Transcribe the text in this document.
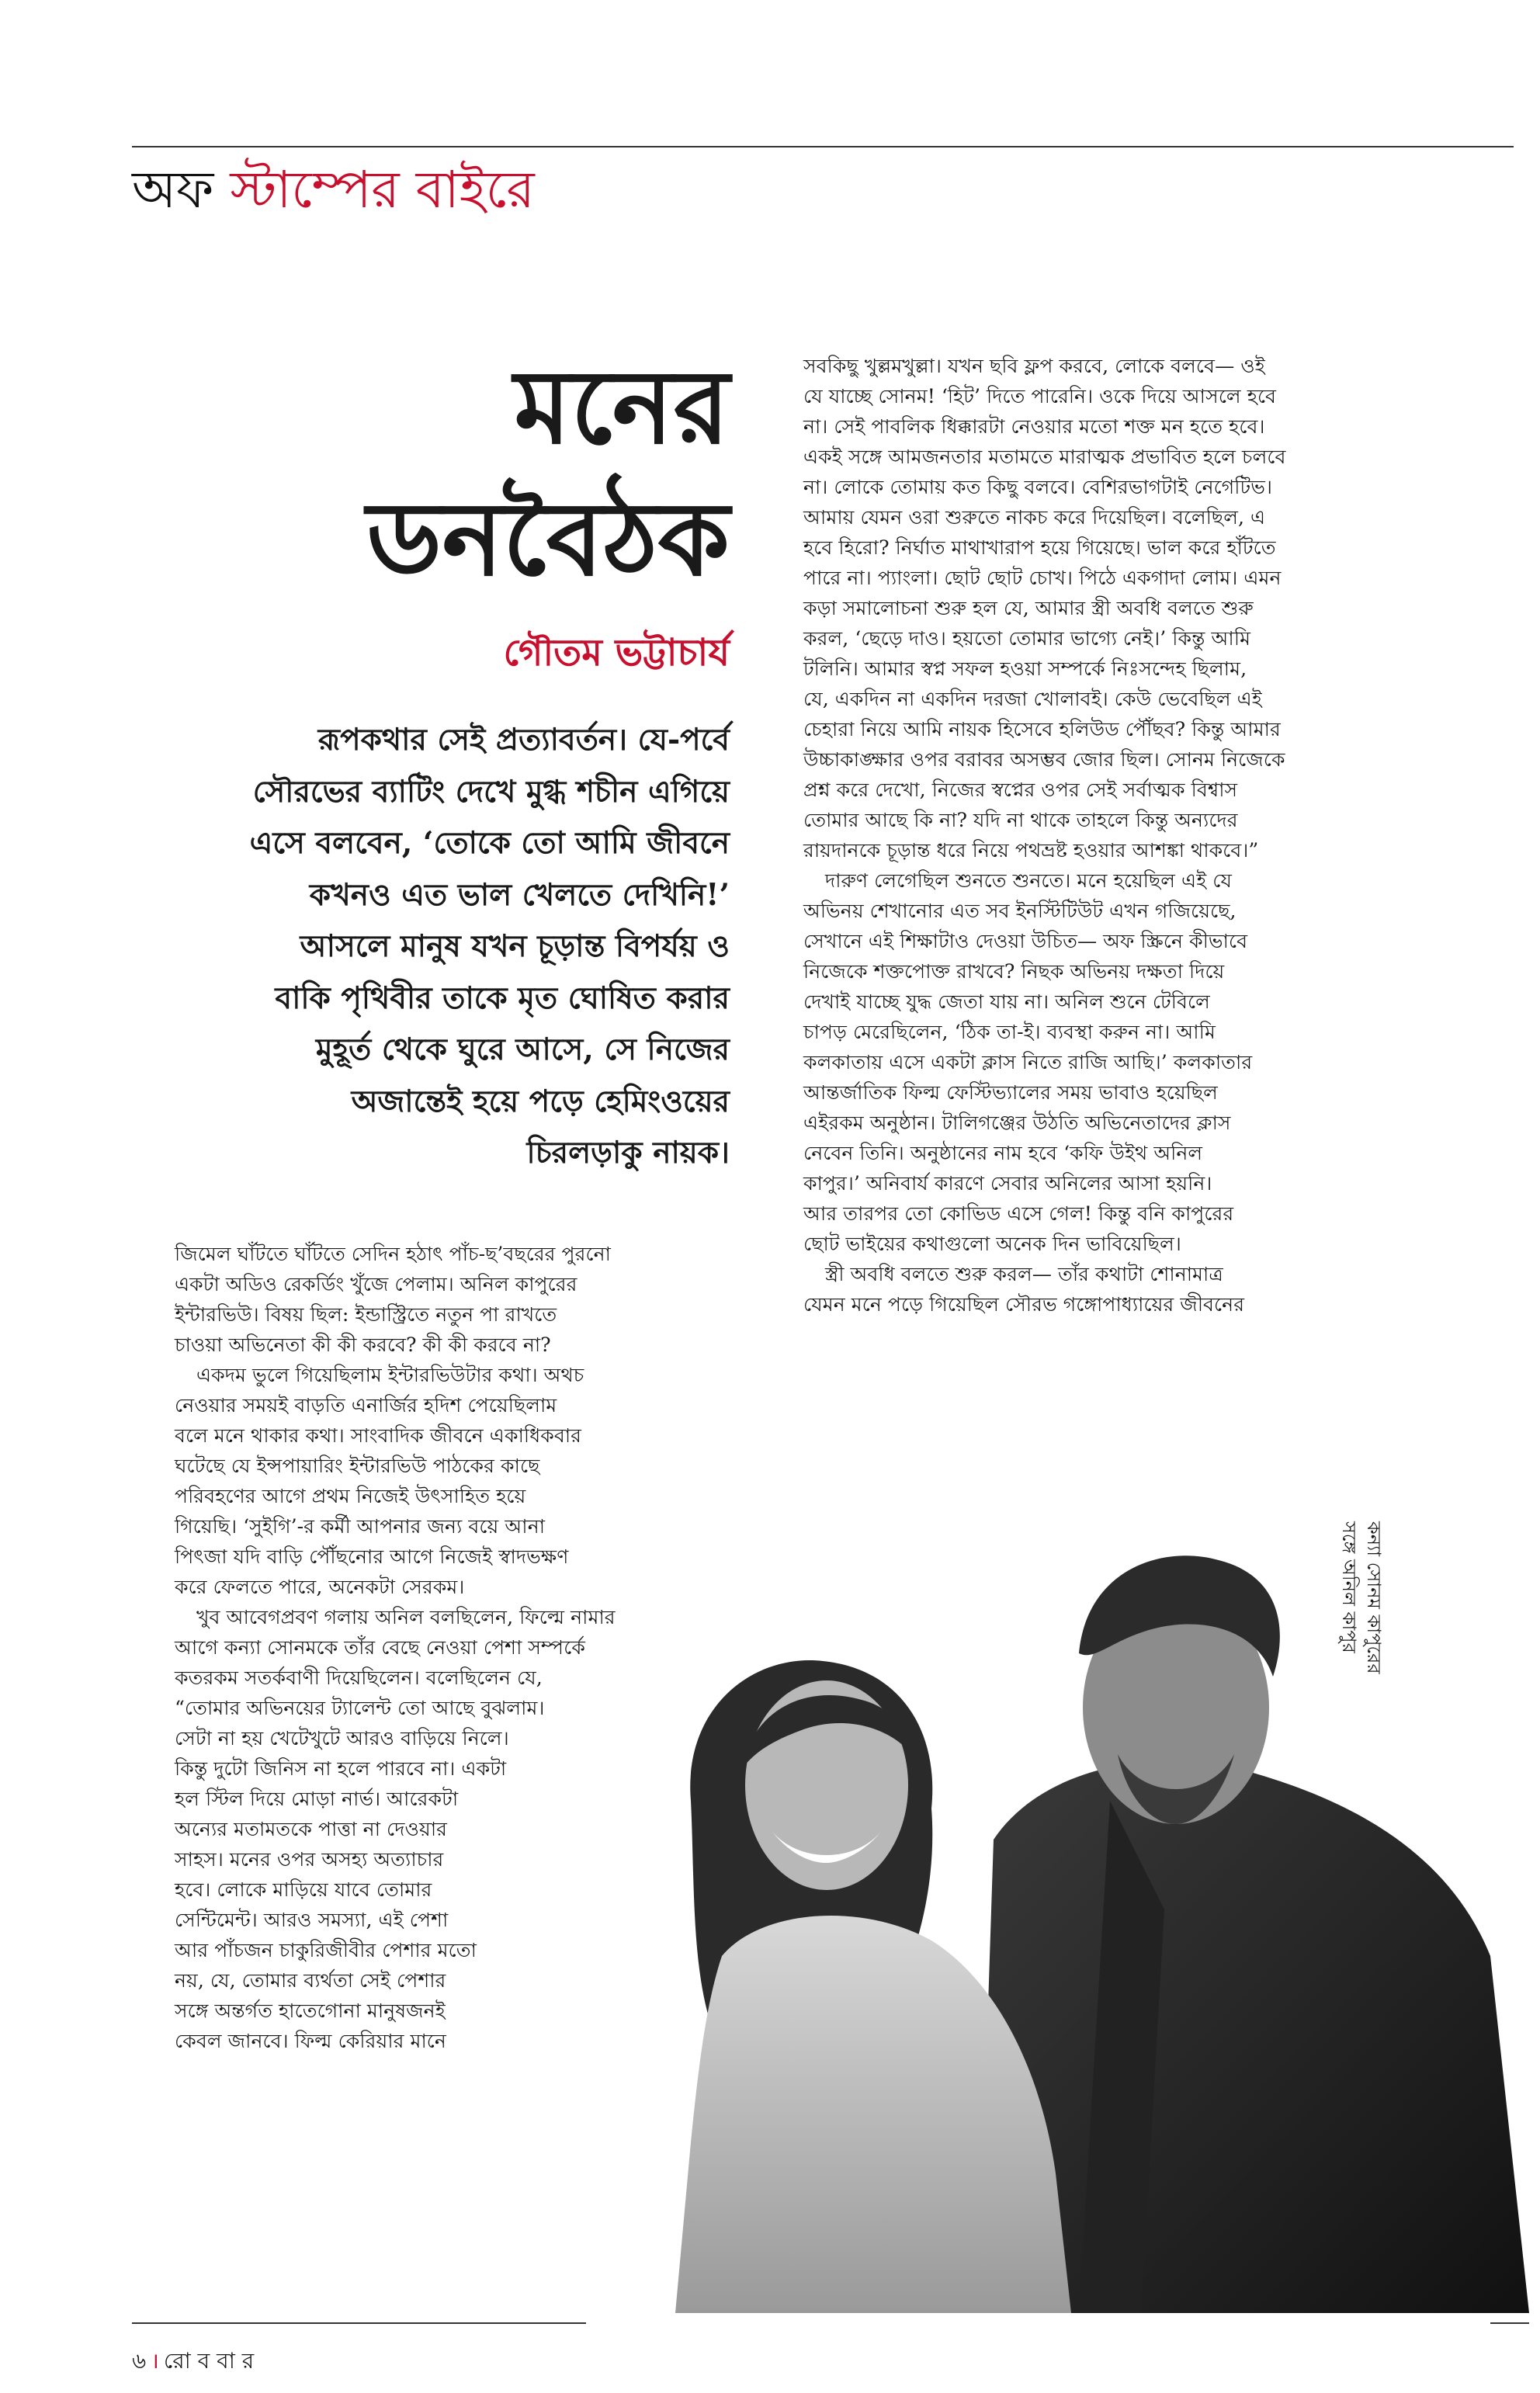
অফ স্টাম্পের বাইরে
মনের
ডনবৈঠক
গৌতম ভট্টাচার্য

রূপকথার সেই প্রত্যাবর্তন। যে-পর্বে

সৌরভের ব্যাটিং দেখে মুগ্ধ শচীন এগিয়ে

এসে বলবেন, ‘তোকে তো আমি জীবনে

কখনও এত ভাল খেলতে দেখিনি!’

আসলে মানুষ যখন চূড়ান্ত বিপর্যয় ও

বাকি পৃথিবীর তাকে মৃত ঘোষিত করার

মুহূর্ত থেকে ঘুরে আসে, সে নিজের

অজান্তেই হয়ে পড়ে হেমিংওয়ের

চিরলড়াকু নায়ক।

জিমেল ঘাঁটতে ঘাঁটতে সেদিন হঠাৎ পাঁচ-ছ’বছরের পুরনো

একটা অডিও রেকর্ডিং খুঁজে পেলাম। অনিল কাপুরের

ইন্টারভিউ। বিষয় ছিল: ইন্ডাস্ট্রিতে নতুন পা রাখতে

চাওয়া অভিনেতা কী কী করবে? কী কী করবে না?

একদম ভুলে গিয়েছিলাম ইন্টারভিউটার কথা। অথচ

নেওয়ার সময়ই বাড়তি এনার্জির হদিশ পেয়েছিলাম

বলে মনে থাকার কথা। সাংবাদিক জীবনে একাধিকবার

ঘটেছে যে ইন্সপায়ারিং ইন্টারভিউ পাঠকের কাছে

পরিবহণের আগে প্রথম নিজেই উৎসাহিত হয়ে

গিয়েছি। ‘সুইগি’-র কর্মী আপনার জন্য বয়ে আনা

পিৎজা যদি বাড়ি পৌঁছনোর আগে নিজেই স্বাদভক্ষণ

করে ফেলতে পারে, অনেকটা সেরকম।

খুব আবেগপ্রবণ গলায় অনিল বলছিলেন, ফিল্মে নামার

আগে কন্যা সোনমকে তাঁর বেছে নেওয়া পেশা সম্পর্কে

কতরকম সতর্কবাণী দিয়েছিলেন। বলেছিলেন যে,

“তোমার অভিনয়ের ট্যালেন্ট তো আছে বুঝলাম।

সেটা না হয় খেটেখুটে আরও বাড়িয়ে নিলে।

কিন্তু দুটো জিনিস না হলে পারবে না। একটা

হল স্টিল দিয়ে মোড়া নার্ভ। আরেকটা

অন্যের মতামতকে পাত্তা না দেওয়ার

সাহস। মনের ওপর অসহ্য অত্যাচার

হবে। লোকে মাড়িয়ে যাবে তোমার

সেন্টিমেন্ট। আরও সমস্যা, এই পেশা

আর পাঁচজন চাকুরিজীবীর পেশার মতো

নয়, যে, তোমার ব্যর্থতা সেই পেশার

সঙ্গে অন্তর্গত হাতেগোনা মানুষজনই

কেবল জানবে। ফিল্ম কেরিয়ার মানে

সবকিছু খুল্লমখুল্লা। যখন ছবি ফ্লপ করবে, লোকে বলবে— ওই

যে যাচ্ছে সোনম! ‘হিট’ দিতে পারেনি। ওকে দিয়ে আসলে হবে

না। সেই পাবলিক ধিক্কারটা নেওয়ার মতো শক্ত মন হতে হবে।

একই সঙ্গে আমজনতার মতামতে মারাত্মক প্রভাবিত হলে চলবে

না। লোকে তোমায় কত কিছু বলবে। বেশিরভাগটাই নেগেটিভ।

আমায় যেমন ওরা শুরুতে নাকচ করে দিয়েছিল। বলেছিল, এ

হবে হিরো? নির্ঘাত মাথাখারাপ হয়ে গিয়েছে। ভাল করে হাঁটতে

পারে না। প্যাংলা। ছোট ছোট চোখ। পিঠে একগাদা লোম। এমন

কড়া সমালোচনা শুরু হল যে, আমার স্ত্রী অবধি বলতে শুরু

করল, ‘ছেড়ে দাও। হয়তো তোমার ভাগ্যে নেই।’ কিন্তু আমি

টলিনি। আমার স্বপ্ন সফল হওয়া সম্পর্কে নিঃসন্দেহ ছিলাম,

যে, একদিন না একদিন দরজা খোলাবই। কেউ ভেবেছিল এই

চেহারা নিয়ে আমি নায়ক হিসেবে হলিউড পৌঁছব? কিন্তু আমার

উচ্চাকাঙ্ক্ষার ওপর বরাবর অসম্ভব জোর ছিল। সোনম নিজেকে

প্রশ্ন করে দেখো, নিজের স্বপ্নের ওপর সেই সর্বাত্মক বিশ্বাস

তোমার আছে কি না? যদি না থাকে তাহলে কিন্তু অন্যদের

রায়দানকে চূড়ান্ত ধরে নিয়ে পথভ্রষ্ট হওয়ার আশঙ্কা থাকবে।”

দারুণ লেগেছিল শুনতে শুনতে। মনে হয়েছিল এই যে

অভিনয় শেখানোর এত সব ইনস্টিটিউট এখন গজিয়েছে,

সেখানে এই শিক্ষাটাও দেওয়া উচিত— অফ স্ক্রিনে কীভাবে

নিজেকে শক্তপোক্ত রাখবে? নিছক অভিনয় দক্ষতা দিয়ে

দেখাই যাচ্ছে যুদ্ধ জেতা যায় না। অনিল শুনে টেবিলে

চাপড় মেরেছিলেন, ‘ঠিক তা-ই। ব্যবস্থা করুন না। আমি

কলকাতায় এসে একটা ক্লাস নিতে রাজি আছি।’ কলকাতার

আন্তর্জাতিক ফিল্ম ফেস্টিভ্যালের সময় ভাবাও হয়েছিল

এইরকম অনুষ্ঠান। টালিগঞ্জের উঠতি অভিনেতাদের ক্লাস

নেবেন তিনি। অনুষ্ঠানের নাম হবে ‘কফি উইথ অনিল

কাপুর।’ অনিবার্য কারণে সেবার অনিলের আসা হয়নি।

আর তারপর তো কোভিড এসে গেল! কিন্তু বনি কাপুরের

ছোট ভাইয়ের কথাগুলো অনেক দিন ভাবিয়েছিল।

স্ত্রী অবধি বলতে শুরু করল— তাঁর কথাটা শোনামাত্র

যেমন মনে পড়ে গিয়েছিল সৌরভ গঙ্গোপাধ্যায়ের জীবনের

কন্যা সোনম কাপুরের
সঙ্গে অনিল কাপুর
৬ । রো ব বা র
